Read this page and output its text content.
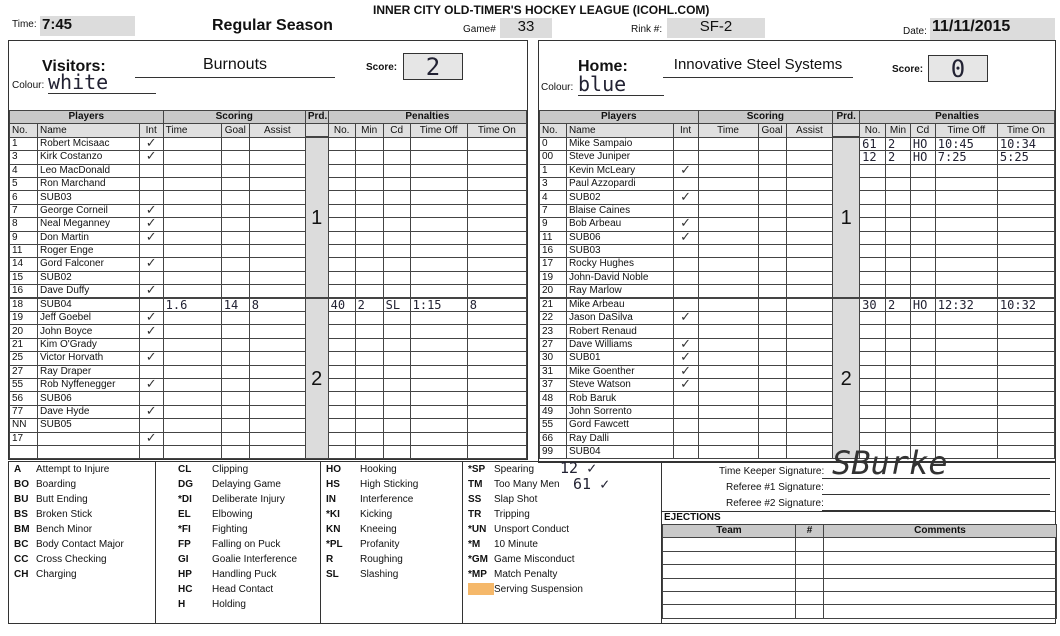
INNER CITY OLD-TIMER'S HOCKEY LEAGUE (ICOHL.COM)
Time: 7:45	Regular Season	Game#	33	Rink #:	SF-2	Date: 11/11/2015
Visitors:	Burnouts
Colour: white
Score:	2	Home:	Innovative Steel Systems
Colour: blue
Score:	0
Players			Scoring			Prd.	Penalties				
No.	Name	Int	Time	Goal	Assist		No.	Min	Cd	Time Off	Time On
1	Robert Mcisaac	✓				1					
3	Kirk Costanzo	✓									
4	Leo MacDonald										
5	Ron Marchand										
6	SUB03										
7	George Corneil	✓									
8	Neal Meganney	✓									
9	Don Martin	✓									
11	Roger Enge										
14	Gord Falconer	✓									
15	SUB02										
16	Dave Duffy	✓									
18	SUB04		1.6	14	8	2	40	2	SL	1:15	8
19	Jeff Goebel	✓									
20	John Boyce	✓									
21	Kim O'Grady										
25	Victor Horvath	✓									
27	Ray Draper										
55	Rob Nyffenegger	✓									
56	SUB06										
77	Dave Hyde	✓									
NN	SUB05										
17		✓									

Players			Scoring			Prd.	Penalties				
No.	Name	Int	Time	Goal	Assist		No.	Min	Cd	Time Off	Time On
0	Mike Sampaio					1	61	2	HO	10:45	10:34
00	Steve Juniper						12	2	HO	7:25	5:25
1	Kevin McLeary	✓									
3	Paul Azzopardi										
4	SUB02	✓									
7	Blaise Caines										
9	Bob Arbeau	✓									
11	SUB06	✓									
16	SUB03										
17	Rocky Hughes										
19	John-David Noble										
20	Ray Marlow										
21	Mike Arbeau					2	30	2	HO	12:32	10:32
22	Jason DaSilva	✓									
23	Robert Renaud										
27	Dave Williams	✓									
30	SUB01	✓									
31	Mike Goenther	✓									
37	Steve Watson	✓									
48	Rob Baruk										
49	John Sorrento										
55	Gord Fawcett										
66	Ray Dalli										
99	SUB04										
A Attempt to Injure
BO Boarding
BU Butt Ending
BS Broken Stick
BM Bench Minor
BC Body Contact Major
CC Cross Checking
CH Charging
CL Clipping
DG Delaying Game
*DI Deliberate Injury
EL Elbowing
*FI Fighting
FP Falling on Puck
GI Goalie Interference
HP Handling Puck
HC Head Contact
H	Holding
HO Hooking
HS High Sticking
IN Interference
*KI Kicking
KN Kneeing
*PL Profanity
R	Roughing
SL Slashing
*SP Spearing
TM Too Many Men
SS Slap Shot
TR Tripping
*UN Unsport Conduct
*M 10 Minute
*GM Game Misconduct
*MP Match Penalty
Serving Suspension
12 ✓
61 ✓
Time Keeper Signature: SBurke
Referee #1 Signature:
Referee #2 Signature:
EJECTIONS
Team	#	Comments
